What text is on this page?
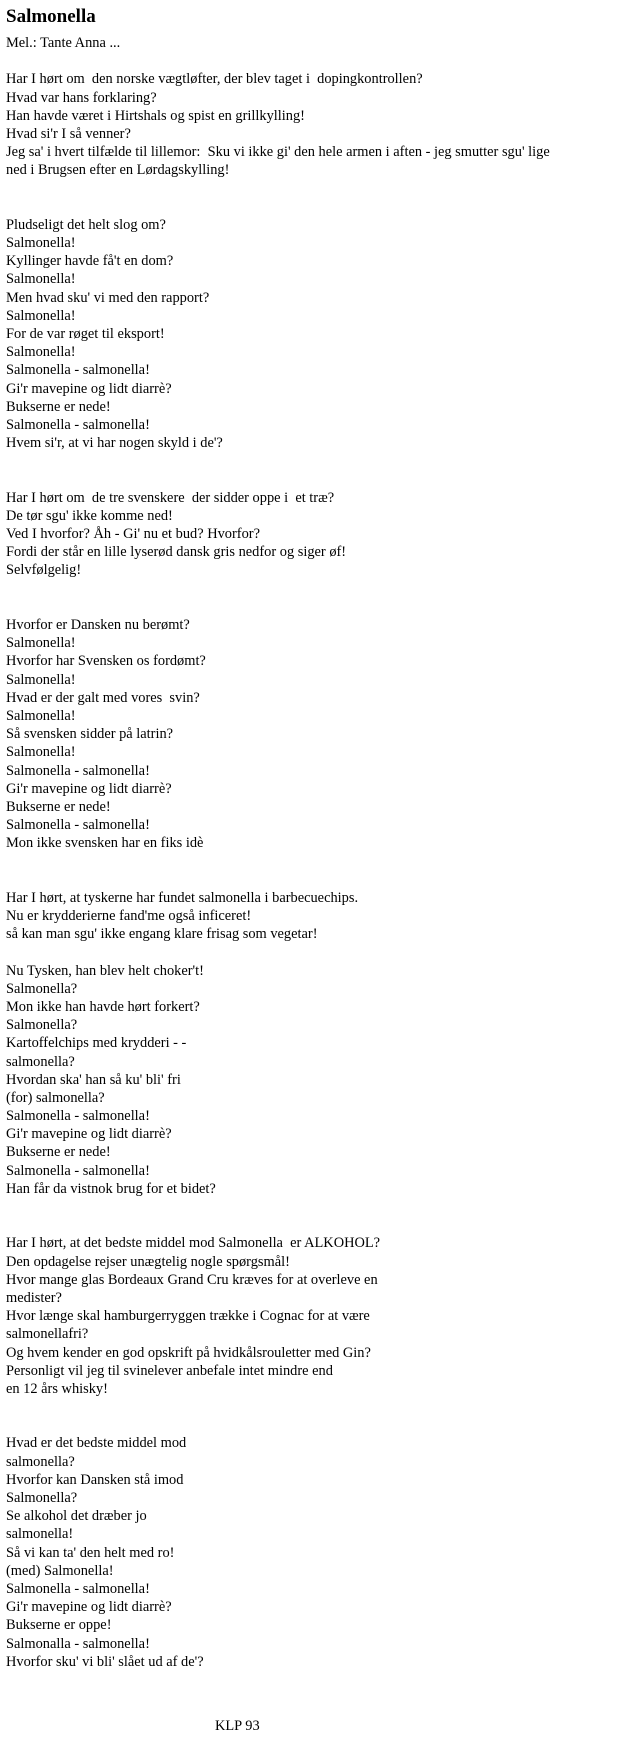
Salmonella
Mel.: Tante Anna ...
Har I hørt om  den norske vægtløfter, der blev taget i  dopingkontrollen?
Hvad var hans forklaring?
Han havde været i Hirtshals og spist en grillkylling!
Hvad si'r I så venner?
Jeg sa' i hvert tilfælde til lillemor:  Sku vi ikke gi' den hele armen i aften - jeg smutter sgu' lige
ned i Brugsen efter en Lørdagskylling!
Pludseligt det helt slog om?
Salmonella!
Kyllinger havde få't en dom?
Salmonella!
Men hvad sku' vi med den rapport?
Salmonella!
For de var røget til eksport!
Salmonella!
Salmonella - salmonella!
Gi'r mavepine og lidt diarrè?
Bukserne er nede!
Salmonella - salmonella!
Hvem si'r, at vi har nogen skyld i de'?
Har I hørt om  de tre svenskere  der sidder oppe i  et træ?
De tør sgu' ikke komme ned!
Ved I hvorfor? Åh - Gi' nu et bud? Hvorfor?
Fordi der står en lille lyserød dansk gris nedfor og siger øf!
Selvfølgelig!
Hvorfor er Dansken nu berømt?
Salmonella!
Hvorfor har Svensken os fordømt?
Salmonella!
Hvad er der galt med vores  svin?
Salmonella!
Så svensken sidder på latrin?
Salmonella!
Salmonella - salmonella!
Gi'r mavepine og lidt diarrè?
Bukserne er nede!
Salmonella - salmonella!
Mon ikke svensken har en fiks idè
Har I hørt, at tyskerne har fundet salmonella i barbecuechips.
Nu er krydderierne fand'me også inficeret!
så kan man sgu' ikke engang klare frisag som vegetar!
Nu Tysken, han blev helt choker't!
Salmonella?
Mon ikke han havde hørt forkert?
Salmonella?
Kartoffelchips med krydderi - -
salmonella?
Hvordan ska' han så ku' bli' fri
(for) salmonella?
Salmonella - salmonella!
Gi'r mavepine og lidt diarrè?
Bukserne er nede!
Salmonella - salmonella!
Han får da vistnok brug for et bidet?
Har I hørt, at det bedste middel mod Salmonella  er ALKOHOL?
Den opdagelse rejser unægtelig nogle spørgsmål!
Hvor mange glas Bordeaux Grand Cru kræves for at overleve en
medister?
Hvor længe skal hamburgerryggen trække i Cognac for at være
salmonellafri?
Og hvem kender en god opskrift på hvidkålsrouletter med Gin?
Personligt vil jeg til svinelever anbefale intet mindre end
en 12 års whisky!
Hvad er det bedste middel mod
salmonella?
Hvorfor kan Dansken stå imod
Salmonella?
Se alkohol det dræber jo
salmonella!
Så vi kan ta' den helt med ro!
(med) Salmonella!
Salmonella - salmonella!
Gi'r mavepine og lidt diarrè?
Bukserne er oppe!
Salmonalla - salmonella!
Hvorfor sku' vi bli' slået ud af de'?
KLP 93
